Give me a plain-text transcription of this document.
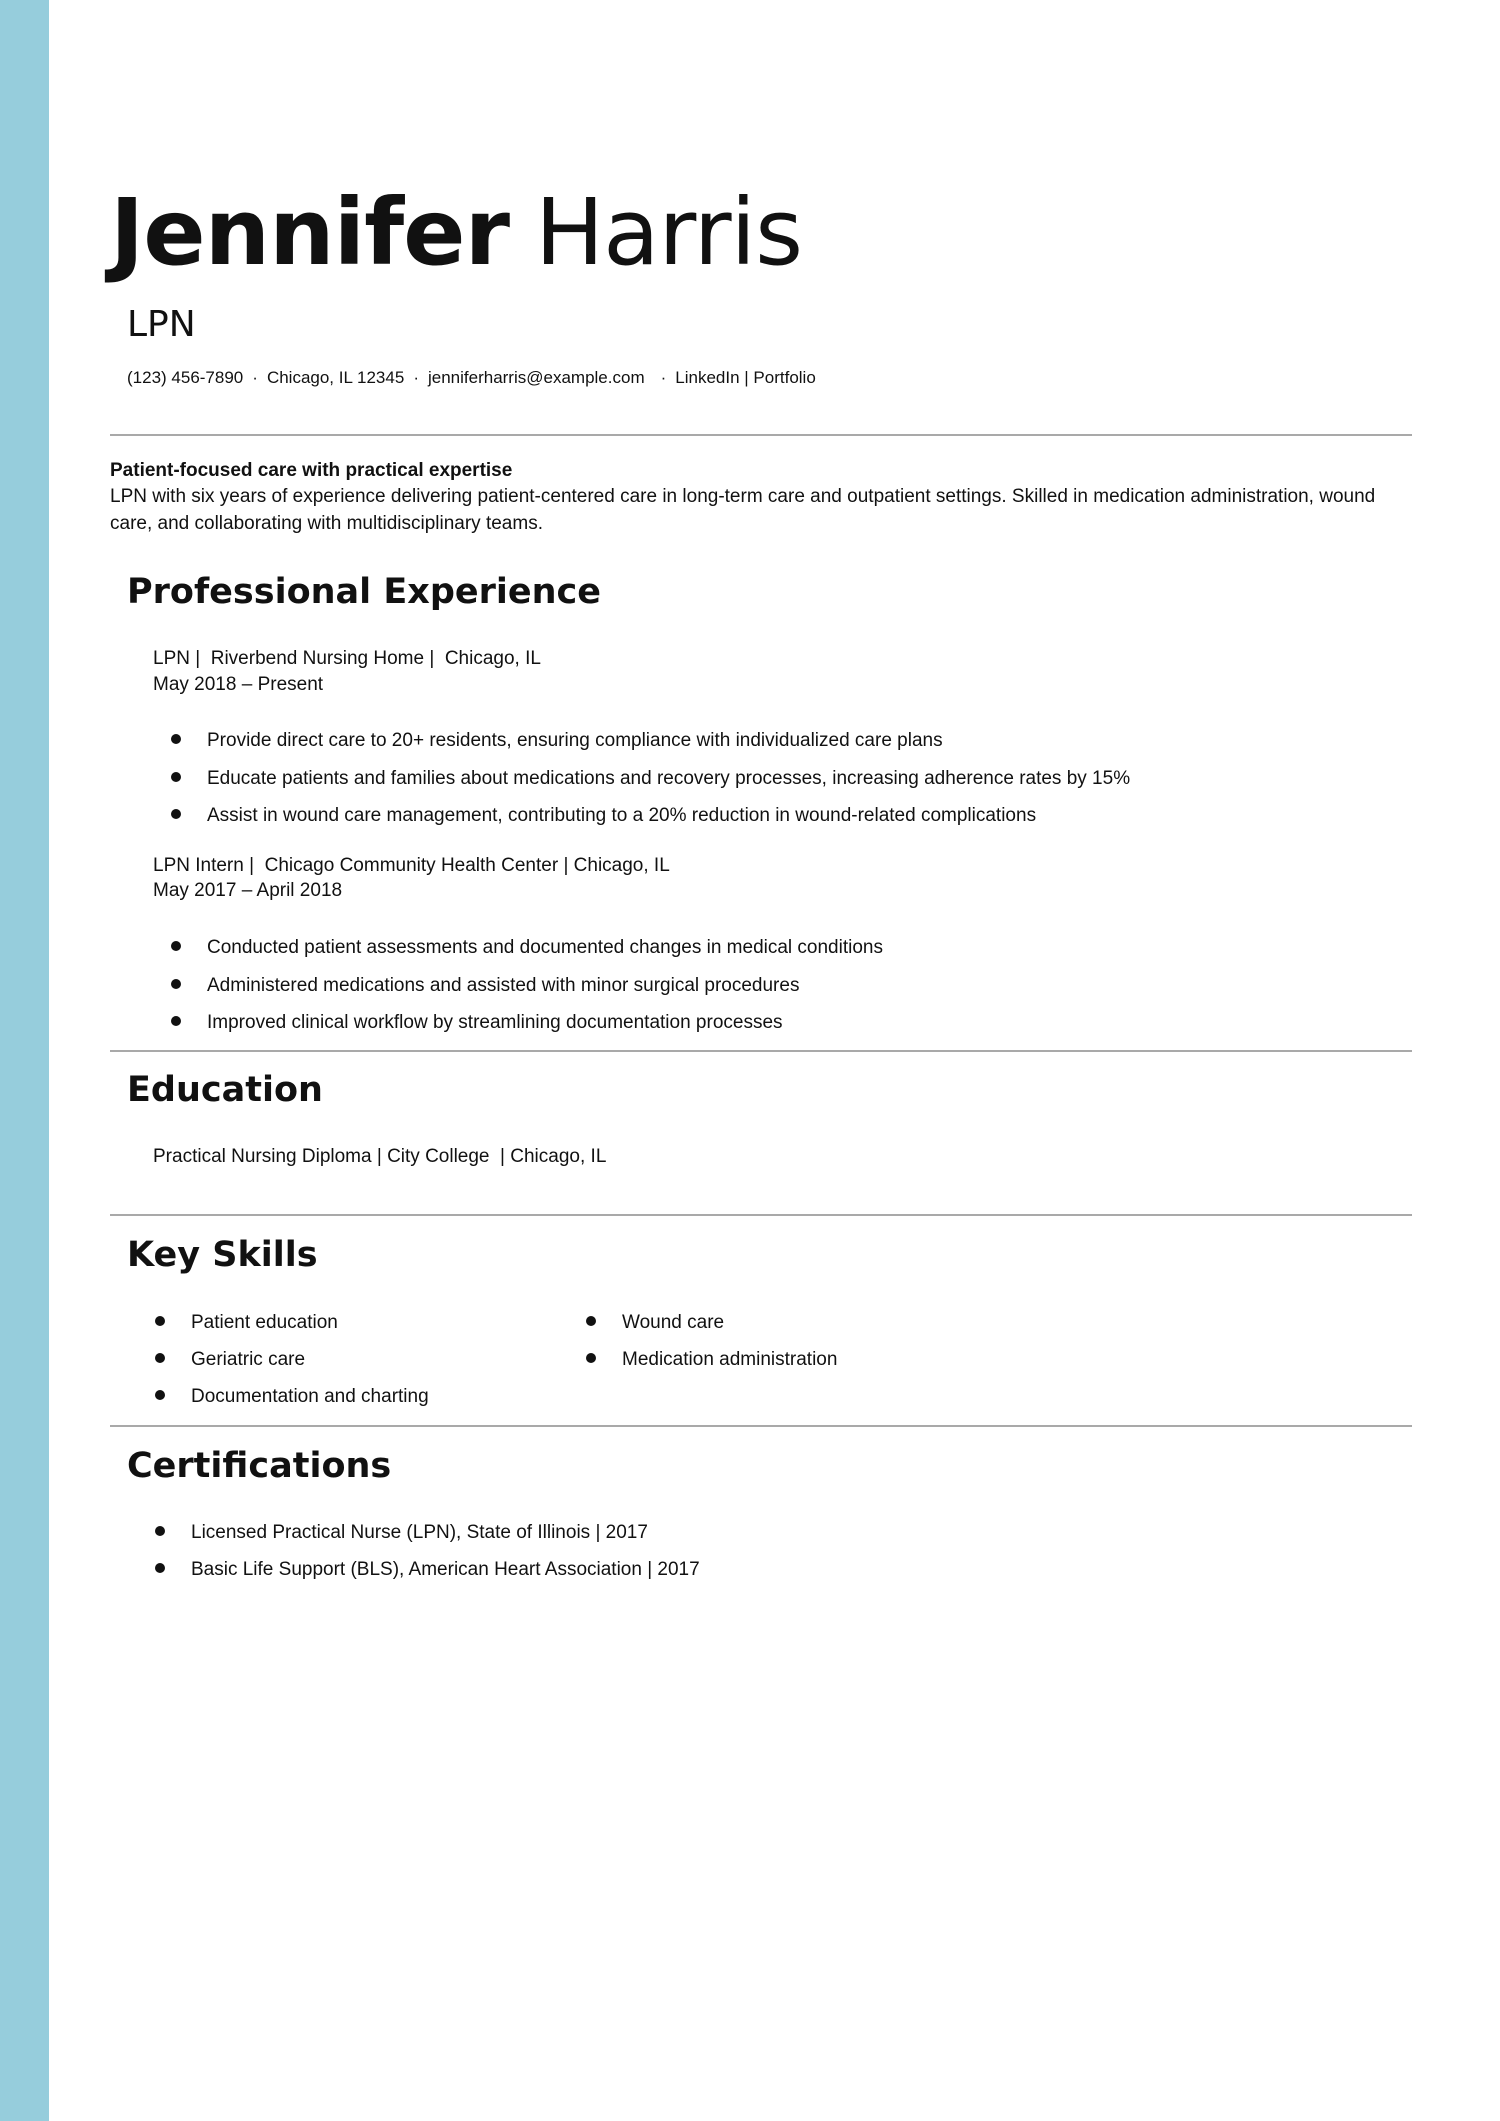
Jennifer Harris
LPN
(123) 456-7890 · Chicago, IL 12345 · jenniferharris@example.com · LinkedIn | Portfolio
Patient-focused care with practical expertise
LPN with six years of experience delivering patient-centered care in long-term care and outpatient settings. Skilled in medication administration, wound care, and collaborating with multidisciplinary teams.
Professional Experience
LPN |  Riverbend Nursing Home |  Chicago, IL
May 2018 – Present
Provide direct care to 20+ residents, ensuring compliance with individualized care plans
Educate patients and families about medications and recovery processes, increasing adherence rates by 15%
Assist in wound care management, contributing to a 20% reduction in wound-related complications
LPN Intern |  Chicago Community Health Center | Chicago, IL
May 2017 – April 2018
Conducted patient assessments and documented changes in medical conditions
Administered medications and assisted with minor surgical procedures
Improved clinical workflow by streamlining documentation processes
Education
Practical Nursing Diploma | City College  | Chicago, IL
Key Skills
Patient education
Geriatric care
Documentation and charting
Wound care
Medication administration
Certifications
Licensed Practical Nurse (LPN), State of Illinois | 2017
Basic Life Support (BLS), American Heart Association | 2017
